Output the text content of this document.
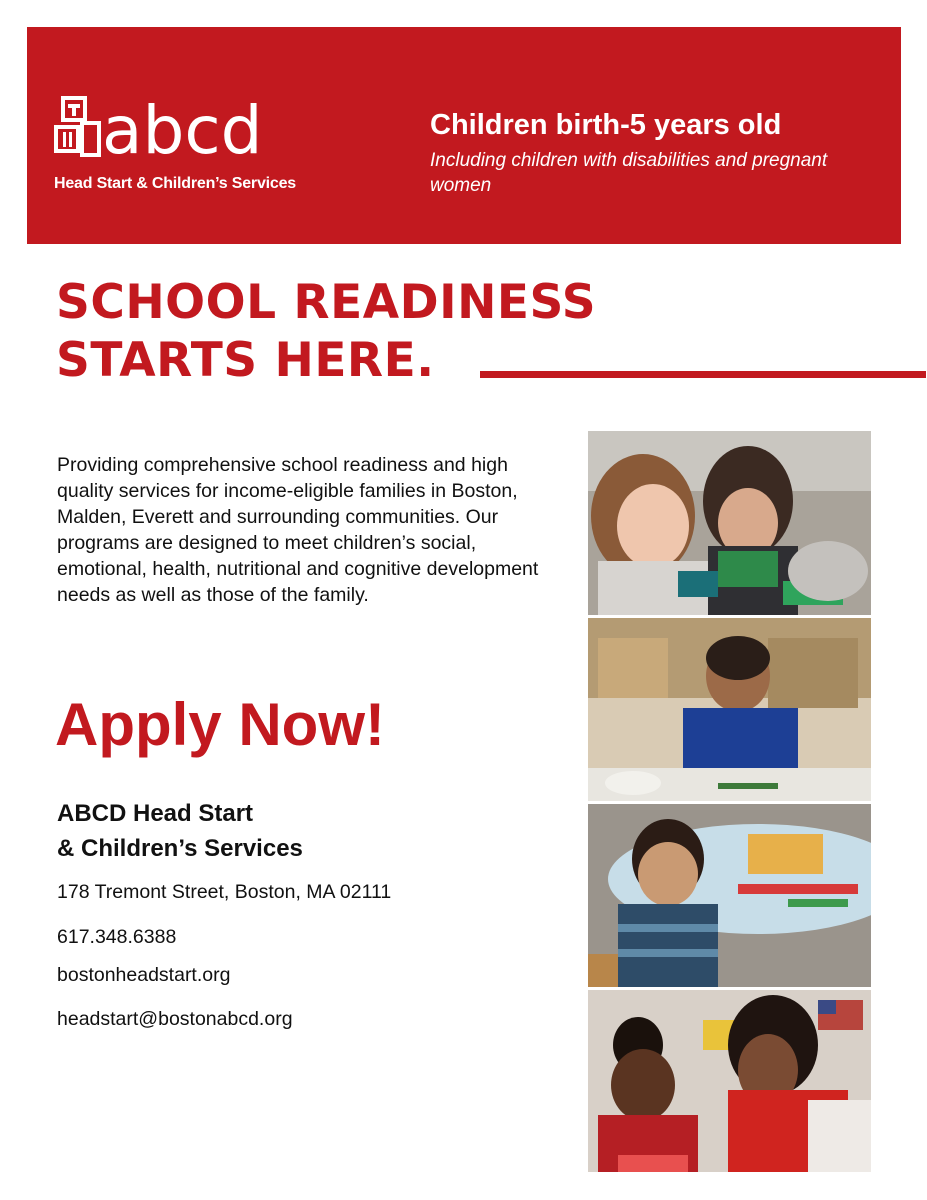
abcd
Head Start & Children’s Services
Children birth-5 years old
Including children with disabilities and pregnant women
SCHOOL READINESS
STARTS HERE.

Providing comprehensive school readiness and high quality services for income-eligible families in Boston, Malden, Everett and surrounding communities. Our programs are designed to meet children’s social, emotional, health, nutritional and cognitive development needs as well as those of the family.

Apply Now!
ABCD Head Start
& Children’s Services
178 Tremont Street, Boston, MA 02111
617.348.6388
bostonheadstart.org
headstart@bostonabcd.org
